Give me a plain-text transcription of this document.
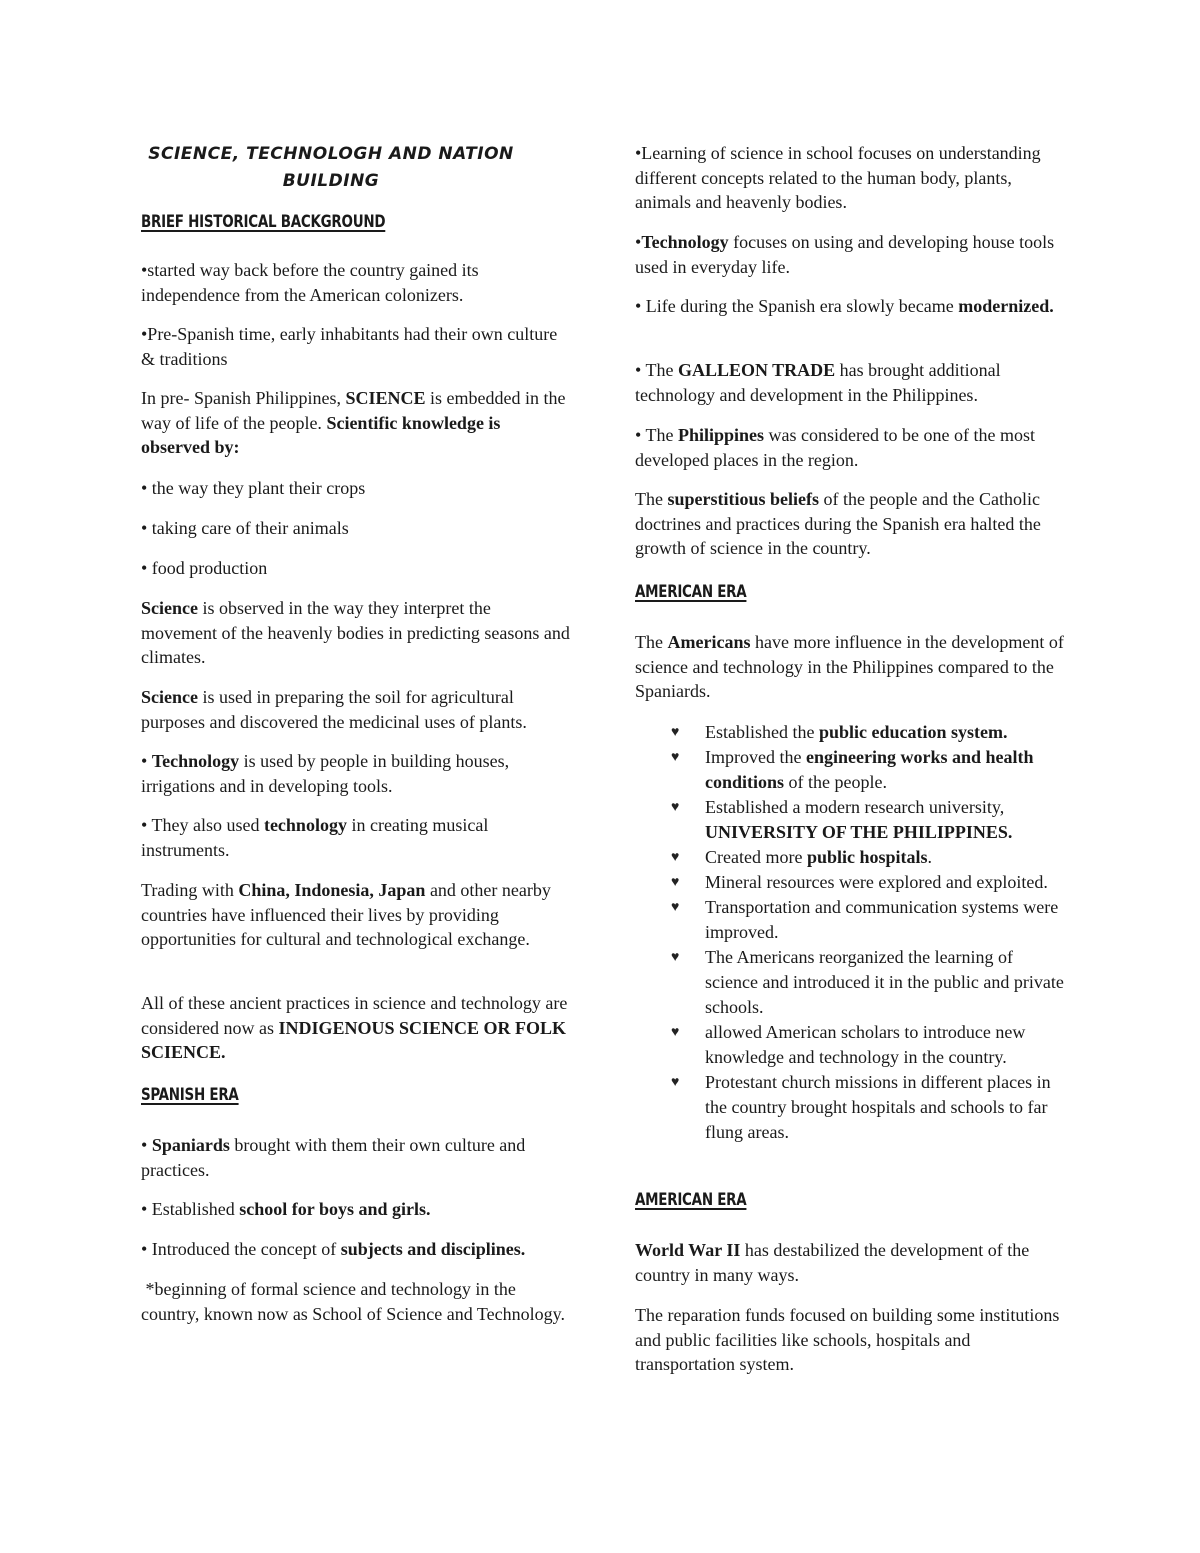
SCIENCE, TECHNOLOGH AND NATION
BUILDING
BRIEF HISTORICAL BACKGROUND

•started way back before the country gained its independence from the American colonizers.

•Pre-Spanish time, early inhabitants had their own culture & traditions

In pre- Spanish Philippines, SCIENCE is embedded in the way of life of the people. Scientific knowledge is observed by:

• the way they plant their crops

• taking care of their animals

• food production

Science is observed in the way they interpret the movement of the heavenly bodies in predicting seasons and climates.

Science is used in preparing the soil for agricultural purposes and discovered the medicinal uses of plants.

• Technology is used by people in building houses, irrigations and in developing tools.

• They also used technology in creating musical instruments.

Trading with China, Indonesia, Japan and other nearby countries have influenced their lives by providing opportunities for cultural and technological exchange.

All of these ancient practices in science and technology are considered now as INDIGENOUS SCIENCE OR FOLK SCIENCE.

SPANISH ERA

• Spaniards brought with them their own culture and practices.

• Established school for boys and girls.

• Introduced the concept of subjects and disciplines.

*beginning of formal science and technology in the country, known now as School of Science and Technology.

•Learning of science in school focuses on understanding different concepts related to the human body, plants, animals and heavenly bodies.

•Technology focuses on using and developing house tools used in everyday life.

• Life during the Spanish era slowly became modernized.

• The GALLEON TRADE has brought additional technology and development in the Philippines.

• The Philippines was considered to be one of the most developed places in the region.

The superstitious beliefs of the people and the Catholic doctrines and practices during the Spanish era halted the growth of science in the country.

AMERICAN ERA

The Americans have more influence in the development of science and technology in the Philippines compared to the Spaniards.

♥ Established the public education system.
♥ Improved the engineering works and health conditions of the people.
♥ Established a modern research university, UNIVERSITY OF THE PHILIPPINES.
♥ Created more public hospitals.
♥ Mineral resources were explored and exploited.
♥ Transportation and communication systems were improved.
♥ The Americans reorganized the learning of science and introduced it in the public and private schools.
♥ allowed American scholars to introduce new knowledge and technology in the country.
♥ Protestant church missions in different places in the country brought hospitals and schools to far flung areas.
AMERICAN ERA

World War II has destabilized the development of the country in many ways.

The reparation funds focused on building some institutions and public facilities like schools, hospitals and transportation system.
